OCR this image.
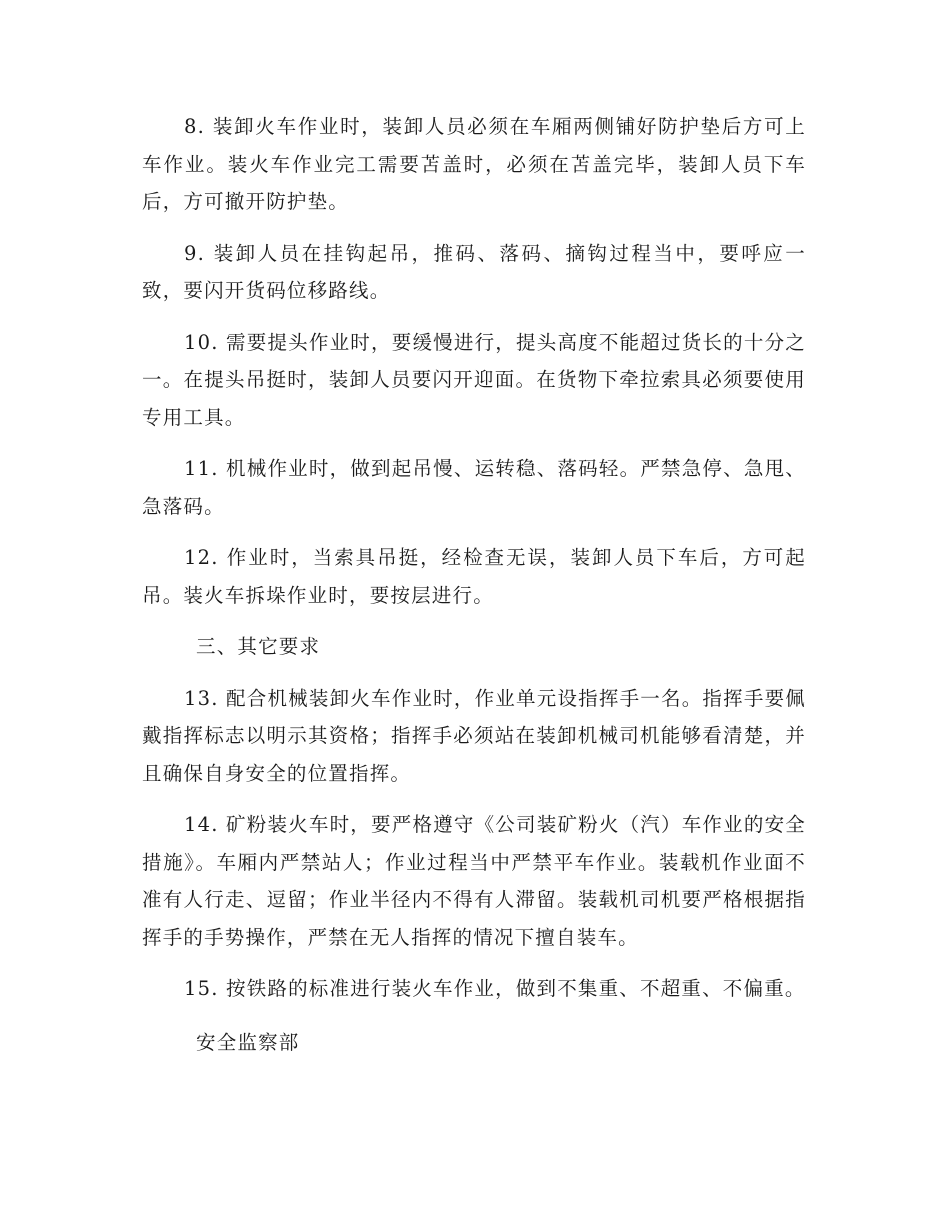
8. 装卸火车作业时，装卸人员必须在车厢两侧铺好防护垫后方可上车作业。装火车作业完工需要苫盖时，必须在苫盖完毕，装卸人员下车后，方可撤开防护垫。

9. 装卸人员在挂钩起吊，推码、落码、摘钩过程当中，要呼应一致，要闪开货码位移路线。

10. 需要提头作业时，要缓慢进行，提头高度不能超过货长的十分之一。在提头吊挺时，装卸人员要闪开迎面。在货物下牵拉索具必须要使用专用工具。

11. 机械作业时，做到起吊慢、运转稳、落码轻。严禁急停、急甩、急落码。

12. 作业时，当索具吊挺，经检查无误，装卸人员下车后，方可起吊。装火车拆垛作业时，要按层进行。

三、其它要求

13. 配合机械装卸火车作业时，作业单元设指挥手一名。指挥手要佩戴指挥标志以明示其资格；指挥手必须站在装卸机械司机能够看清楚，并且确保自身安全的位置指挥。

14. 矿粉装火车时，要严格遵守《公司装矿粉火（汽）车作业的安全措施》。车厢内严禁站人；作业过程当中严禁平车作业。装载机作业面不准有人行走、逗留；作业半径内不得有人滞留。装载机司机要严格根据指挥手的手势操作，严禁在无人指挥的情况下擅自装车。

15. 按铁路的标准进行装火车作业，做到不集重、不超重、不偏重。

安全监察部
